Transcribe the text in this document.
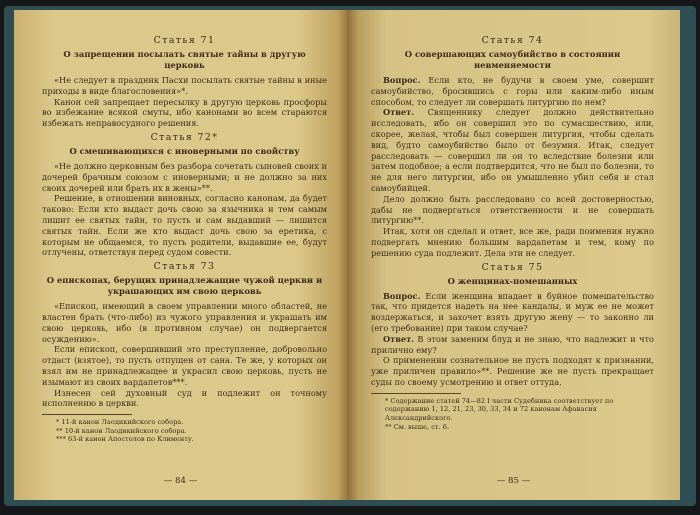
Статья 71
О запрещении посылать святые тайны в другую церковь

«Не следует в праздник Пасхи посылать святые тайны в иные приходы в виде благословения»*.

Канон сей запрещает пересылку в другую церковь просфоры во избежание всякой смуты, ибо канонами во всем стараются избежать неправосудного решения.

Статья 72*
О смешивающихся с иноверными по свойству

«Не должно церковным без разбора сочетать сыновей своих и дочерей брачным союзом с иноверными; и не должно за них своих дочерей или брать их в жены»**.

Решение, в отношении виновных, согласно канонам, да будет таково: Если кто выдаст дочь свою за язычника и тем самым лишит ее святых тайн, то пусть и сам выдавший — лишится святых тайн. Если же кто выдаст дочь свою за еретика, с которым не общаемся, то пусть родители, выдавшие ее, будут отлучены, ответствуя перед судом совести.

Статья 73
О епископах, берущих принадлежащие чужой церкви и украшающих им свою церковь

«Епископ, имеющий в своем управлении много областей, не властен брать (что-либо) из чужого управления и украшать им свою церковь, ибо (в противном случае) он подвергается осуждению».

Если епископ, совершивший это преступление, добровольно отдаст (взятое), то пусть отпущен от сана. Те же, у которых он взял им не принадлежащее и украсил свою церковь, пусть не изымают из своих вардапетов***.

Изнесен сей духовный суд и подлежит он точному исполнению в церкви.

* 11-й канон Лаодикийского собора.
** 10-й канон Лаодикийского собора.
*** 63-й канон Апостолов по Клименту.
— 84 —
Статья 74
О совершающих самоубийство в состоянии невменяемости

Вопрос. Если кто, не будучи в своем уме, совершит самоубийство, бросившись с горы или каким-либо иным способом, то следует ли совершать литургию по нем?

Ответ. Священнику следует должно действительно исследовать, ибо он совершил это по сумасшествию, или, скорее, желая, чтобы был совершен литургия, чтобы сделать вид, будто самоубийство было от безумия. Итак, следует расследовать — совершил ли он то вследствие болезни или затем подобное; а если подтвердится, что не был по болезни, то не для него литургии, ибо он умышленно убил себя и стал самоубийцей.

Дело должно быть расследовано со всей достоверностью, дабы не подвергаться ответственности и не совершать литургию**.

Итак, хотя он сделал и ответ, все же, ради поимения нужно подвергать мнению большим вардапетам и тем, кому по решению суда подлежит. Дела эти не следует.

Статья 75
О женщинах-помешанных

Вопрос. Если женщина впадает в буйное помешательство так, что придется надеть на нее кандалы, и муж ее не может воздержаться, и захочет взять другую жену — то законно ли (его требование) при таком случае?

Ответ. В этом заменим блуд и не знаю, что надлежит и что прилично ему?

О применении сознательное не пусть подходят к признании, уже приличен правило»**. Решение же не пусть прекращает суды по своему усмотрению и ответ оттуда.

* Содержание статей 74—82 I части Судебника соответствует по содержанию 1, 12, 21, 23, 30, 33, 34 и 72 канонам Афанасия Александрийского.
** См. выше, ст. 6.
— 85 —
